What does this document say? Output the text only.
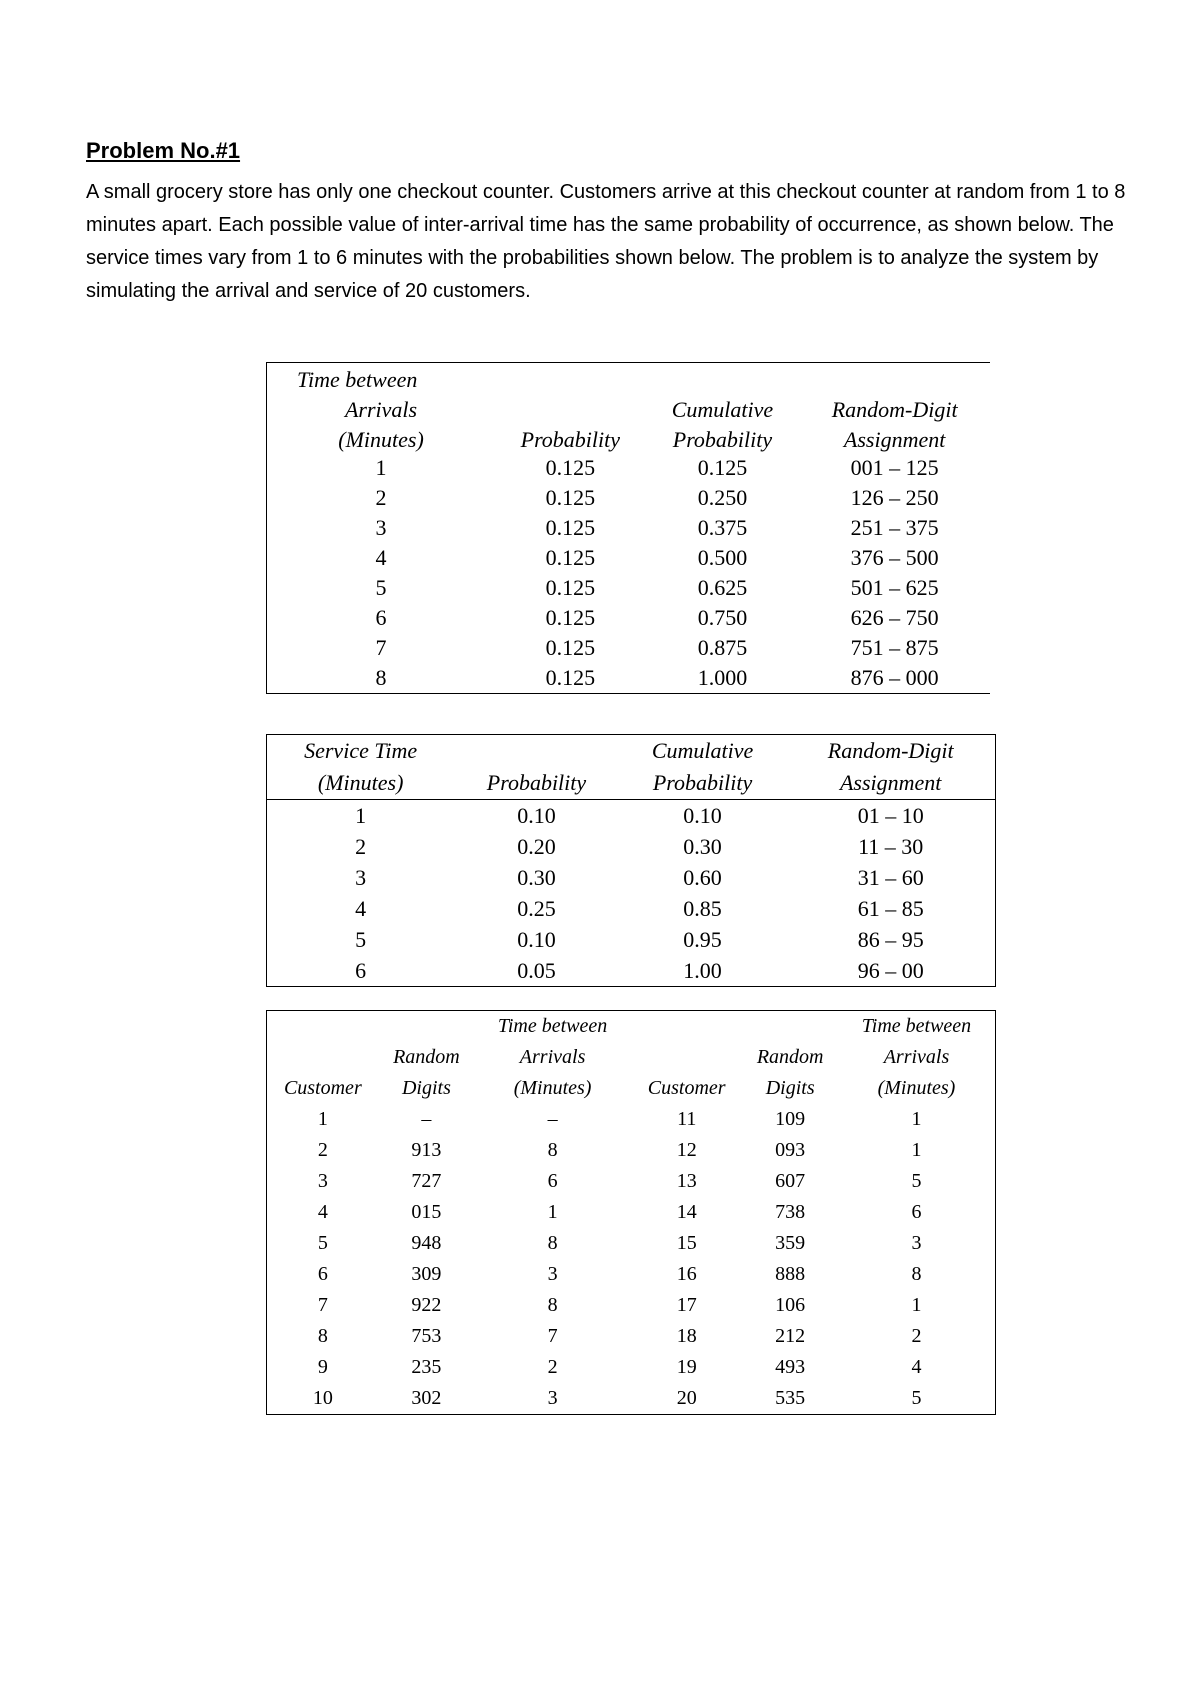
Problem No.#1
A small grocery store has only one checkout counter. Customers arrive at this checkout counter at random from 1 to 8 minutes apart. Each possible value of inter-arrival time has the same probability of occurrence, as shown below. The service times vary from 1 to 6 minutes with the probabilities shown below. The problem is to analyze the system by simulating the arrival and service of 20 customers.
Time between			
Arrivals		Cumulative	Random-Digit
(Minutes)	Probability	Probability	Assignment
1	0.125	0.125	001 – 125
2	0.125	0.250	126 – 250
3	0.125	0.375	251 – 375
4	0.125	0.500	376 – 500
5	0.125	0.625	501 – 625
6	0.125	0.750	626 – 750
7	0.125	0.875	751 – 875
8	0.125	1.000	876 – 000
Service Time		Cumulative	Random-Digit
(Minutes)	Probability	Probability	Assignment
1	0.10	0.10	01 – 10
2	0.20	0.30	11 – 30
3	0.30	0.60	31 – 60
4	0.25	0.85	61 – 85
5	0.10	0.95	86 – 95
6	0.05	1.00	96 – 00
		Time between			Time between
	Random	Arrivals		Random	Arrivals
Customer	Digits	(Minutes)	Customer	Digits	(Minutes)
1	–	–	11	109	1
2	913	8	12	093	1
3	727	6	13	607	5
4	015	1	14	738	6
5	948	8	15	359	3
6	309	3	16	888	8
7	922	8	17	106	1
8	753	7	18	212	2
9	235	2	19	493	4
10	302	3	20	535	5
